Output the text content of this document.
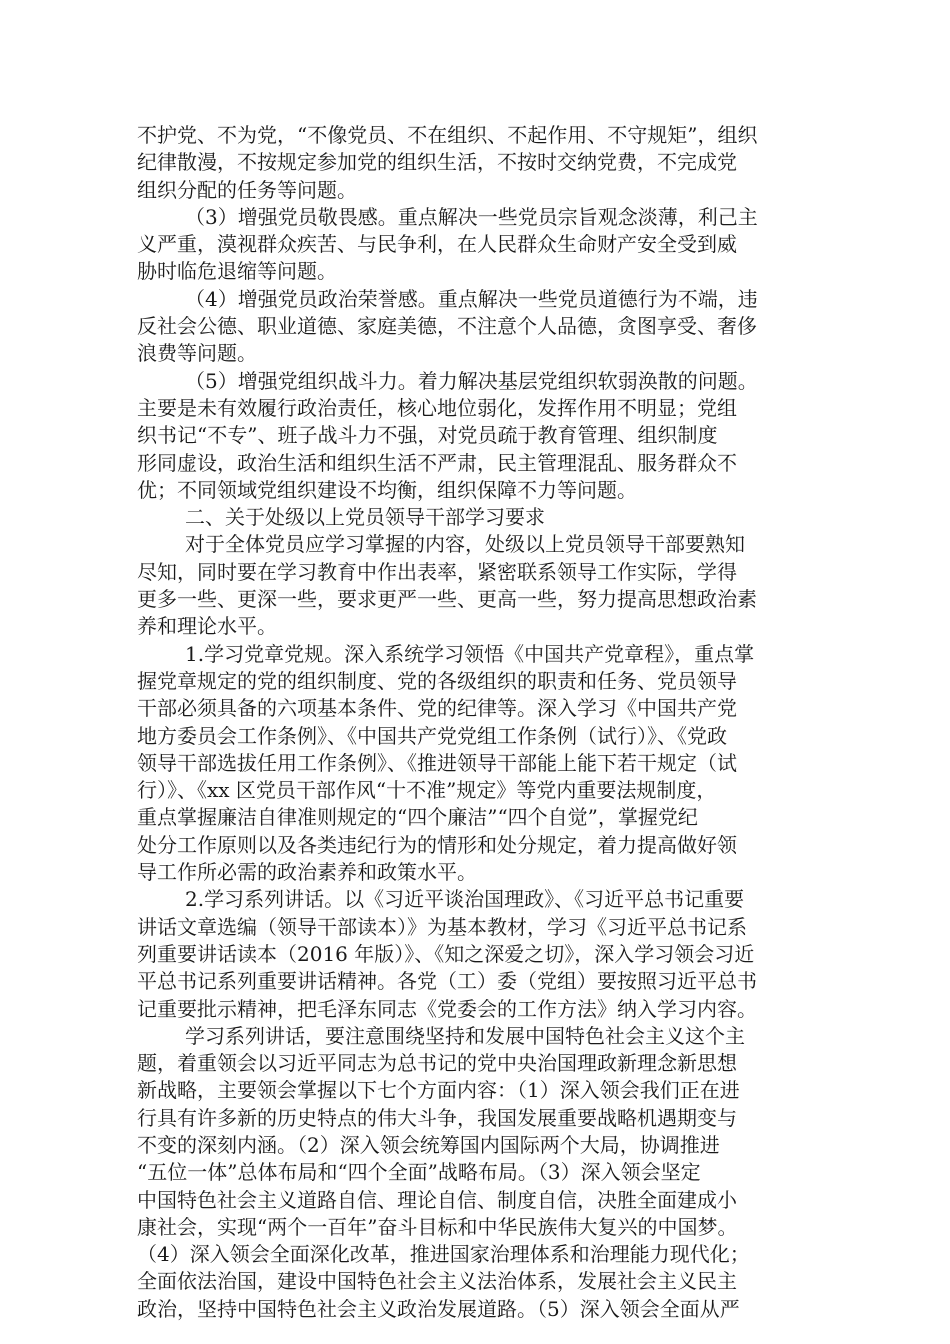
不护党、不为党，“不像党员、不在组织、不起作用、不守规矩”，组织
纪律散漫，不按规定参加党的组织生活，不按时交纳党费，不完成党
组织分配的任务等问题。
（3）增强党员敬畏感。重点解决一些党员宗旨观念淡薄，利己主
义严重，漠视群众疾苦、与民争利，在人民群众生命财产安全受到威
胁时临危退缩等问题。
（4）增强党员政治荣誉感。重点解决一些党员道德行为不端，违
反社会公德、职业道德、家庭美德，不注意个人品德，贪图享受、奢侈
浪费等问题。
（5）增强党组织战斗力。着力解决基层党组织软弱涣散的问题。
主要是未有效履行政治责任，核心地位弱化，发挥作用不明显；党组
织书记“不专”、班子战斗力不强，对党员疏于教育管理、组织制度
形同虚设，政治生活和组织生活不严肃，民主管理混乱、服务群众不
优；不同领域党组织建设不均衡，组织保障不力等问题。
二、关于处级以上党员领导干部学习要求
对于全体党员应学习掌握的内容，处级以上党员领导干部要熟知
尽知，同时要在学习教育中作出表率，紧密联系领导工作实际，学得
更多一些、更深一些，要求更严一些、更高一些，努力提高思想政治素
养和理论水平。
1.学习党章党规。深入系统学习领悟《中国共产党章程》，重点掌
握党章规定的党的组织制度、党的各级组织的职责和任务、党员领导
干部必须具备的六项基本条件、党的纪律等。深入学习《中国共产党
地方委员会工作条例》、《中国共产党党组工作条例（试行）》、《党政
领导干部选拔任用工作条例》、《推进领导干部能上能下若干规定（试
行）》、《xx 区党员干部作风“十不准”规定》等党内重要法规制度，
重点掌握廉洁自律准则规定的“四个廉洁”“四个自觉”，掌握党纪
处分工作原则以及各类违纪行为的情形和处分规定，着力提高做好领
导工作所必需的政治素养和政策水平。
2.学习系列讲话。以《习近平谈治国理政》、《习近平总书记重要
讲话文章选编（领导干部读本）》为基本教材，学习《习近平总书记系
列重要讲话读本（2016 年版）》、《知之深爱之切》，深入学习领会习近
平总书记系列重要讲话精神。各党（工）委（党组）要按照习近平总书
记重要批示精神，把毛泽东同志《党委会的工作方法》纳入学习内容。
学习系列讲话，要注意围绕坚持和发展中国特色社会主义这个主
题，着重领会以习近平同志为总书记的党中央治国理政新理念新思想
新战略，主要领会掌握以下七个方面内容：（1）深入领会我们正在进
行具有许多新的历史特点的伟大斗争，我国发展重要战略机遇期变与
不变的深刻内涵。（2）深入领会统筹国内国际两个大局，协调推进
“五位一体”总体布局和“四个全面”战略布局。（3）深入领会坚定
中国特色社会主义道路自信、理论自信、制度自信，决胜全面建成小
康社会，实现“两个一百年”奋斗目标和中华民族伟大复兴的中国梦。
（4）深入领会全面深化改革，推进国家治理体系和治理能力现代化；
全面依法治国，建设中国特色社会主义法治体系，发展社会主义民主
政治，坚持中国特色社会主义政治发展道路。（5）深入领会全面从严
